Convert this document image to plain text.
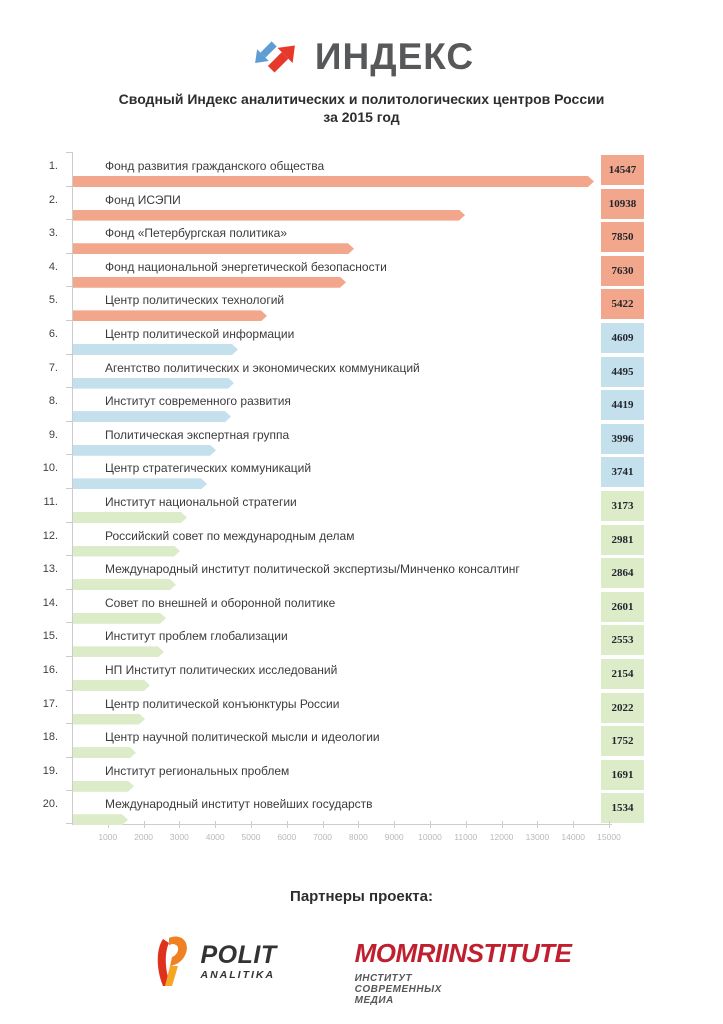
ИНДЕКС
Сводный Индекс аналитических и политологических центров России
за 2015 год
1.	Фонд развития гражданского общества	14547
2.	Фонд ИСЭПИ	10938
3.	Фонд «Петербургская политика»	7850
4.	Фонд национальной энергетической безопасности	7630
5.	Центр политических технологий	5422
6.	Центр политической информации	4609
7.	Агентство политических и экономических коммуникаций	4495
8.	Институт современного развития	4419
9.	Политическая экспертная группа	3996
10.	Центр стратегических коммуникаций	3741
11.	Институт национальной стратегии	3173
12.	Российский совет по международным делам	2981
13.	Международный институт политической экспертизы/Минченко консалтинг	2864
14.	Совет по внешней и оборонной политике	2601
15.	Институт проблем глобализации	2553
16.	НП Институт политических исследований	2154
17.	Центр политической конъюнктуры России	2022
18.	Центр научной политической мысли и идеологии	1752
19.	Институт региональных проблем	1691
20.	Международный институт новейших государств	1534
1000	2000	3000	4000	5000	6000	7000	8000	9000	10000	11000	12000	13000	14000	15000
Партнеры проекта:
POLIT
ANALITIKA
MOMRIINSTITUTE
ИНСТИТУТ
СОВРЕМЕННЫХ
МЕДИА
